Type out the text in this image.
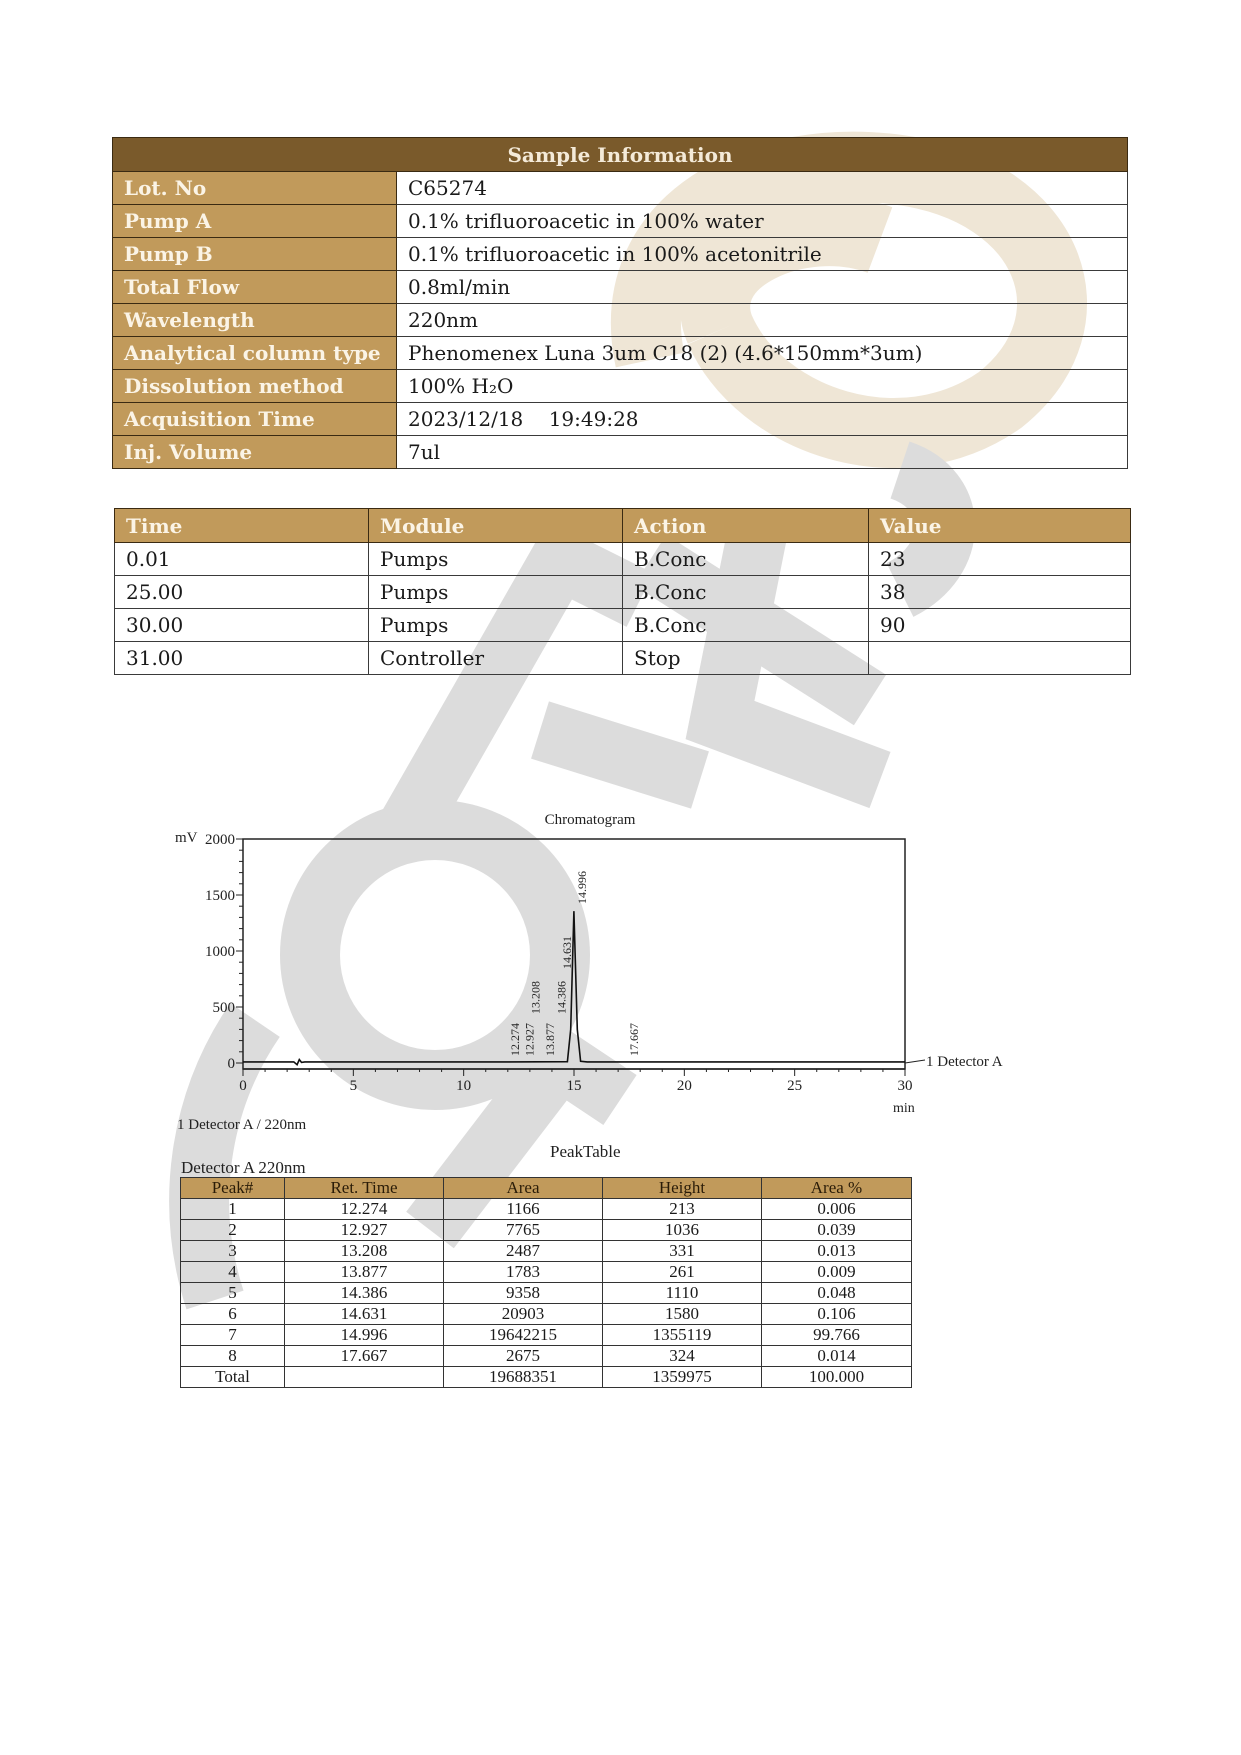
Sample Information	
Lot. No	C65274
Pump A	0.1% trifluoroacetic in 100% water
Pump B	0.1% trifluoroacetic in 100% acetonitrile
Total Flow	0.8ml/min
Wavelength	220nm
Analytical column type	Phenomenex Luna 3um C18 (2) (4.6*150mm*3um)
Dissolution method	100% H₂O
Acquisition Time	2023/12/18    19:49:28
Inj. Volume	7ul
Time	Module	Action	Value
0.01	Pumps	B.Conc	23
25.00	Pumps	B.Conc	38
30.00	Pumps	B.Conc	90
31.00	Controller	Stop	
Chromatogram
mV
0
500
1000
1500
2000
0	5	10	15	20	25	30
12.274 12.927
13.208
13.877
14.386
14.631
14.996
17.667
1 Detector A
min
1 Detector A / 220nm
PeakTable
Detector A 220nm
Peak#	Ret. Time	Area	Height	Area %
1	12.274	1166	213	0.006
2	12.927	7765	1036	0.039
3	13.208	2487	331	0.013
4	13.877	1783	261	0.009
5	14.386	9358	1110	0.048
6	14.631	20903	1580	0.106
7	14.996	19642215	1355119	99.766
8	17.667	2675	324	0.014
Total		19688351	1359975	100.000
